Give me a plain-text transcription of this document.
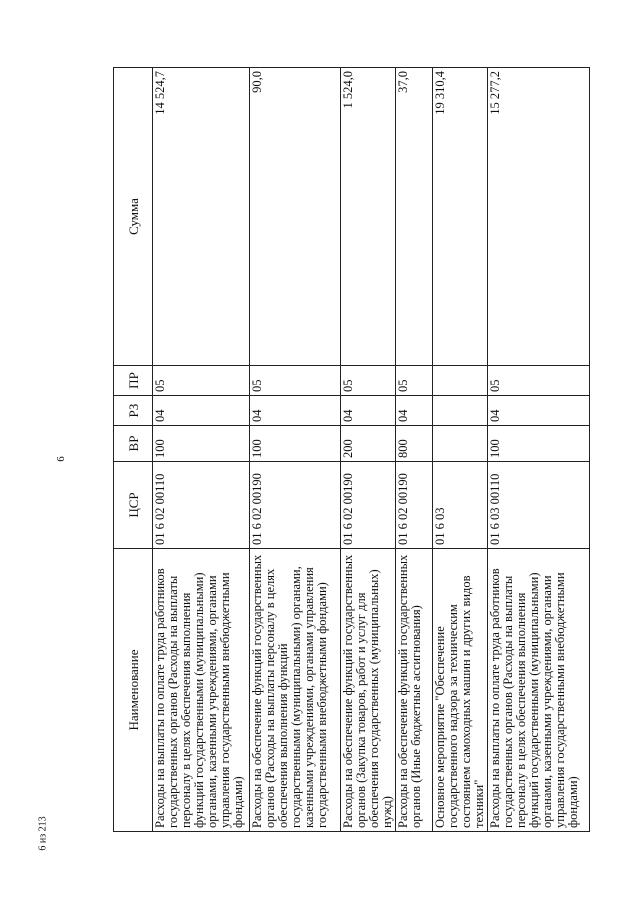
6
Наименование	ЦСР	ВР	РЗ	ПР	Сумма
Расходы на выплаты по оплате труда работников государственных органов (Расходы на выплаты персоналу в целях обеспечения выполнения функций государственными (муниципальными) органами, казенными учреждениями, органами управления государственными внебюджетными фондами)	01 6 02 00110	100	04	05	14 524,7
Расходы на обеспечение функций государственных органов (Расходы на выплаты персоналу в целях обеспечения выполнения функций государственными (муниципальными) органами, казенными учреждениями, органами управления государственными внебюджетными фондами)	01 6 02 00190	100	04	05	90,0
Расходы на обеспечение функций государственных органов (Закупка товаров, работ и услуг для обеспечения государственных (муниципальных) нужд)	01 6 02 00190	200	04	05	1 524,0
Расходы на обеспечение функций государственных органов (Иные бюджетные ассигнования)	01 6 02 00190	800	04	05	37,0
Основное мероприятие "Обеспечение государственного надзора за техническим состоянием самоходных машин и других видов техники"	01 6 03				19 310,4
Расходы на выплаты по оплате труда работников государственных органов (Расходы на выплаты персоналу в целях обеспечения выполнения функций государственными (муниципальными) органами, казенными учреждениями, органами управления государственными внебюджетными фондами)	01 6 03 00110	100	04	05	15 277,2
6 из 213
